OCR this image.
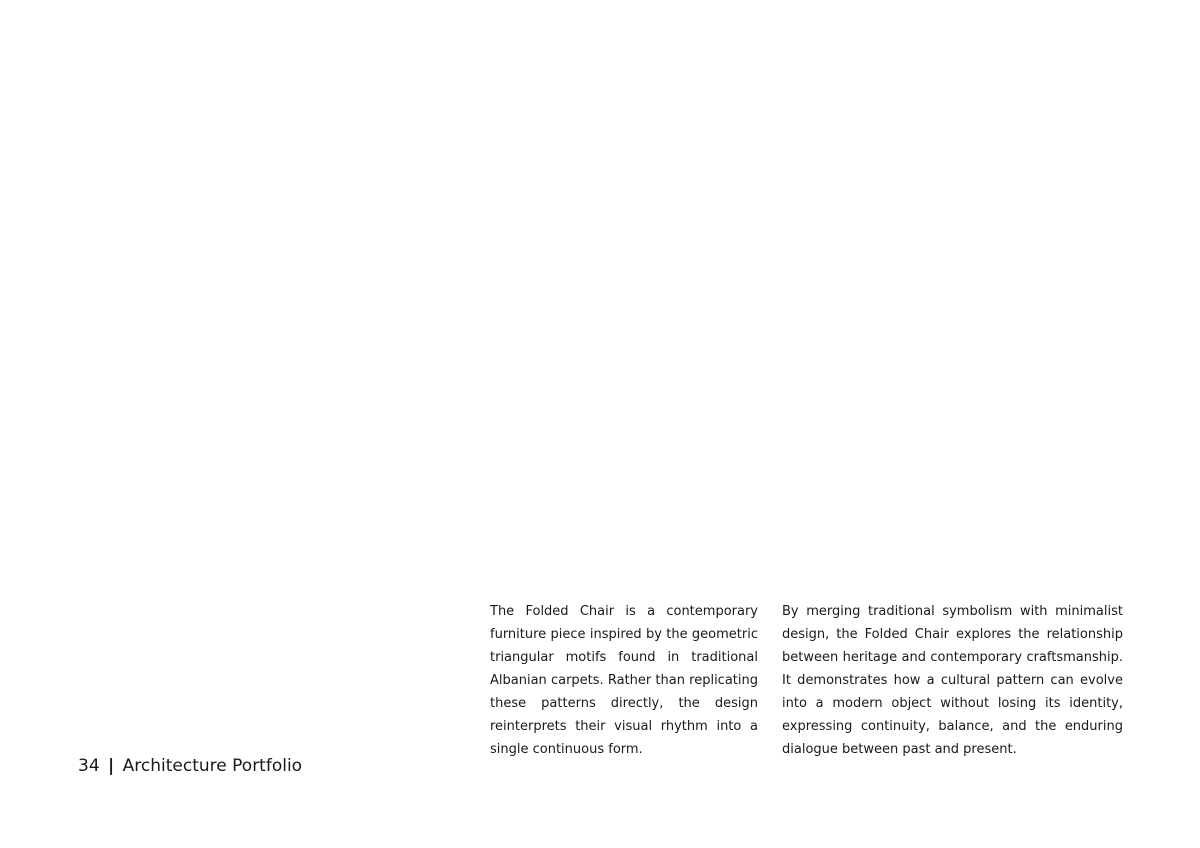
34 | Architecture Portfolio

The Folded Chair is a contemporary furniture piece inspired by the geometric triangular motifs found in traditional Albanian carpets. Rather than replicating these patterns directly, the design reinterprets their visual rhythm into a single continuous form.

By merging traditional symbolism with minimalist design, the Folded Chair explores the relationship between heritage and contemporary craftsmanship. It demonstrates how a cultural pattern can evolve into a modern object without losing its identity, expressing continuity, balance, and the enduring dialogue between past and present.
